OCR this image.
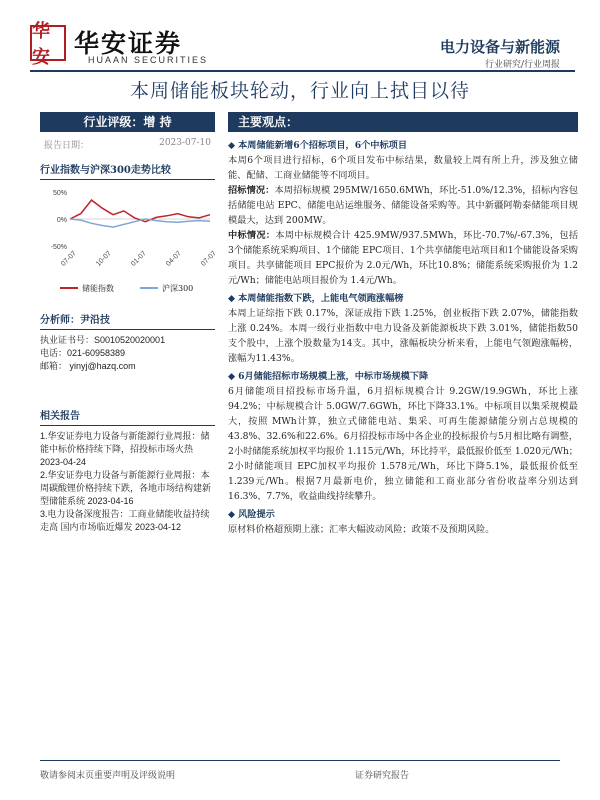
华安 华安证券
HUAAN SECURITIES
电力设备与新能源
行业研究/行业周报
本周储能板块轮动，行业向上拭目以待
行业评级：增 持
报告日期：	2023-07-10
行业指数与沪深300走势比较
50%
0%
-50%
07-07 10-07 01-07 04-07 07-07
储能指数	沪深300
分析师：尹沿技
执业证书号：S0010520020001
电话：021-60958389
邮箱： yinyj@hazq.com
相关报告
1.华安证券电力设备与新能源行业周报：储能中标价格持续下降，招投标市场火热 2023-04-24
2.华安证券电力设备与新能源行业周报：本周碳酸锂价格持续下跌，各地市场结构建新型储能系统 2023-04-16
3.电力设备深度报告：工商业储能收益持续走高 国内市场临近爆发 2023-04-12
主要观点：
◆ 本周储能新增6个招标项目，6个中标项目
本周6个项目进行招标，6个项目发布中标结果，数量较上周有所上升，涉及独立储能、配储、工商业储能等不同项目。
招标情况：本周招标规模 295MW/1650.6MWh，环比-51.0%/12.3%，招标内容包括储能电站 EPC、储能电站运维服务、储能设备采购等。其中新疆阿勒泰储能项目规模最大，达到 200MW。
中标情况：本周中标规模合计 425.9MW/937.5MWh，环比-70.7%/-67.3%，包括3个储能系统采购项目、1个储能 EPC项目、1个共享储能电站项目和1个储能设备采购项目。共享储能项目 EPC报价为 2.0元/Wh，环比10.8%；储能系统采购报价为 1.2元/Wh；储能电站项目报价为 1.4元/Wh。
◆ 本周储能指数下跌，上能电气领跑涨幅榜
本周上证综指下跌 0.17%，深证成指下跌 1.25%，创业板指下跌 2.07%，储能指数上涨 0.24%。本周一级行业指数中电力设备及新能源板块下跌 3.01%，储能指数50支个股中，上涨个股数量为14支。其中，涨幅板块分析来看，上能电气领跑涨幅榜，涨幅为11.43%。
◆ 6月储能招标市场规模上涨，中标市场规模下降
6月储能项目招投标市场升温，6月招标规模合计 9.2GW/19.9GWh，环比上涨94.2%；中标规模合计 5.0GW/7.6GWh，环比下降33.1%。中标项目以集采规模最大，按照 MWh计算，独立式储能电站、集采、可再生能源储能分别占总规模的43.8%、32.6%和22.6%。6月招投标市场中各企业的投标报价与5月相比略有调整，2小时储能系统加权平均报价 1.115元/Wh，环比持平，最低报价低至 1.020元/Wh；2小时储能项目 EPC加权平均报价 1.578元/Wh，环比下降5.1%，最低报价低至 1.239元/Wh。根据7月最新电价，独立储能和工商业部分省份收益率分别达到16.3%、7.7%，收益曲线持续攀升。
◆ 风险提示
原材料价格超预期上涨；汇率大幅波动风险；政策不及预期风险。
敬请参阅末页重要声明及评级说明	证券研究报告
